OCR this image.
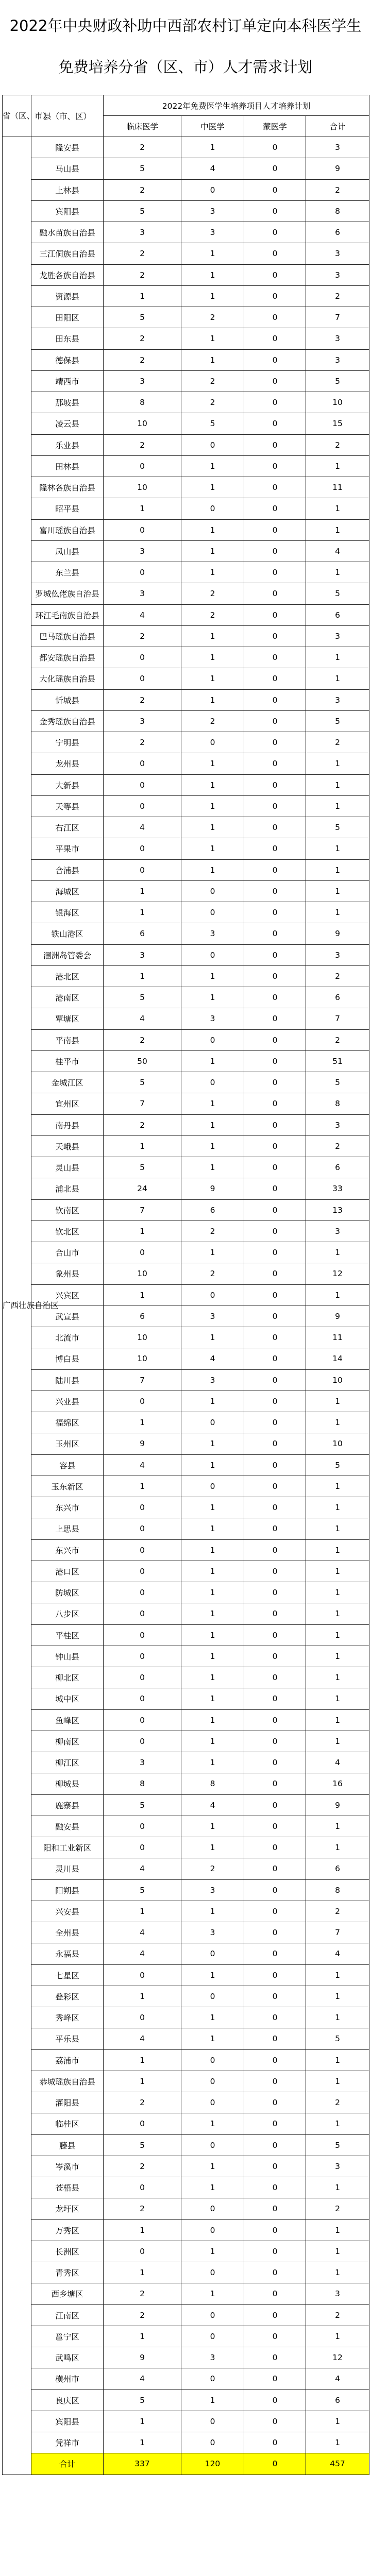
2022年中央财政补助中西部农村订单定向本科医学生免费培养分省（区、市）人才需求计划
省（区、市）	县（市、区）	2022年免费医学生培养项目人才培养计划			
		临床医学	中医学	蒙医学	合计
广西壮族自治区	隆安县	2	1	0	3
	马山县	5	4	0	9
	上林县	2	0	0	2
	宾阳县	5	3	0	8
	融水苗族自治县	3	3	0	6
	三江侗族自治县	2	1	0	3
	龙胜各族自治县	2	1	0	3
	资源县	1	1	0	2
	田阳区	5	2	0	7
	田东县	2	1	0	3
	德保县	2	1	0	3
	靖西市	3	2	0	5
	那坡县	8	2	0	10
	凌云县	10	5	0	15
	乐业县	2	0	0	2
	田林县	0	1	0	1
	隆林各族自治县	10	1	0	11
	昭平县	1	0	0	1
	富川瑶族自治县	0	1	0	1
	凤山县	3	1	0	4
	东兰县	0	1	0	1
	罗城仫佬族自治县	3	2	0	5
	环江毛南族自治县	4	2	0	6
	巴马瑶族自治县	2	1	0	3
	都安瑶族自治县	0	1	0	1
	大化瑶族自治县	0	1	0	1
	忻城县	2	1	0	3
	金秀瑶族自治县	3	2	0	5
	宁明县	2	0	0	2
	龙州县	0	1	0	1
	大新县	0	1	0	1
	天等县	0	1	0	1
	右江区	4	1	0	5
	平果市	0	1	0	1
	合浦县	0	1	0	1
	海城区	1	0	0	1
	银海区	1	0	0	1
	铁山港区	6	3	0	9
	涠洲岛管委会	3	0	0	3
	港北区	1	1	0	2
	港南区	5	1	0	6
	覃塘区	4	3	0	7
	平南县	2	0	0	2
	桂平市	50	1	0	51
	金城江区	5	0	0	5
	宜州区	7	1	0	8
	南丹县	2	1	0	3
	天峨县	1	1	0	2
	灵山县	5	1	0	6
	浦北县	24	9	0	33
	钦南区	7	6	0	13
	钦北区	1	2	0	3
	合山市	0	1	0	1
	象州县	10	2	0	12
	兴宾区	1	0	0	1
	武宣县	6	3	0	9
	北流市	10	1	0	11
	博白县	10	4	0	14
	陆川县	7	3	0	10
	兴业县	0	1	0	1
	福绵区	1	0	0	1
	玉州区	9	1	0	10
	容县	4	1	0	5
	玉东新区	1	0	0	1
	东兴市	0	1	0	1
	上思县	0	1	0	1
	东兴市	0	1	0	1
	港口区	0	1	0	1
	防城区	0	1	0	1
	八步区	0	1	0	1
	平桂区	0	1	0	1
	钟山县	0	1	0	1
	柳北区	0	1	0	1
	城中区	0	1	0	1
	鱼峰区	0	1	0	1
	柳南区	0	1	0	1
	柳江区	3	1	0	4
	柳城县	8	8	0	16
	鹿寨县	5	4	0	9
	融安县	0	1	0	1
	阳和工业新区	0	1	0	1
	灵川县	4	2	0	6
	阳朔县	5	3	0	8
	兴安县	1	1	0	2
	全州县	4	3	0	7
	永福县	4	0	0	4
	七星区	0	1	0	1
	叠彩区	1	0	0	1
	秀峰区	0	1	0	1
	平乐县	4	1	0	5
	荔浦市	1	0	0	1
	恭城瑶族自治县	1	0	0	1
	灌阳县	2	0	0	2
	临桂区	0	1	0	1
	藤县	5	0	0	5
	岑溪市	2	1	0	3
	苍梧县	0	1	0	1
	龙圩区	2	0	0	2
	万秀区	1	0	0	1
	长洲区	0	1	0	1
	青秀区	1	0	0	1
	西乡塘区	2	1	0	3
	江南区	2	0	0	2
	邕宁区	1	0	0	1
	武鸣区	9	3	0	12
	横州市	4	0	0	4
	良庆区	5	1	0	6
	宾阳县	1	0	0	1
	凭祥市	1	0	0	1
	合计	337	120	0	457
